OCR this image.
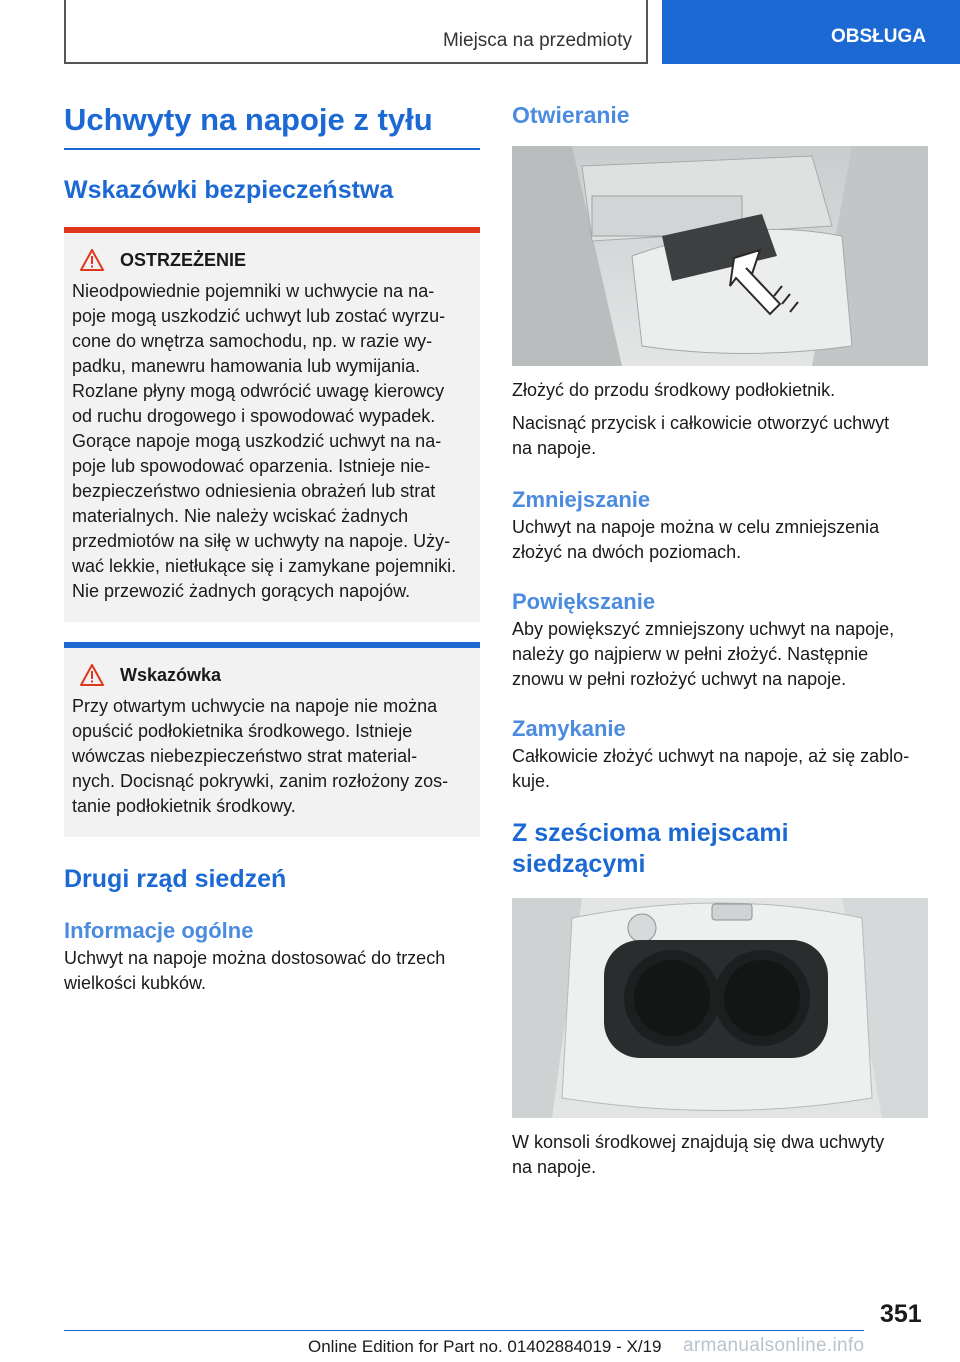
Miejsca na przedmioty	OBSŁUGA
Uchwyty na napoje z tyłu
Wskazówki bezpieczeństwa
OSTRZEŻENIE

Nieodpowiednie pojemniki w uchwycie na na-

poje mogą uszkodzić uchwyt lub zostać wyrzu-

cone do wnętrza samochodu, np. w razie wy-

padku, manewru hamowania lub wymijania.

Rozlane płyny mogą odwrócić uwagę kierowcy

od ruchu drogowego i spowodować wypadek.

Gorące napoje mogą uszkodzić uchwyt na na-

poje lub spowodować oparzenia. Istnieje nie-

bezpieczeństwo odniesienia obrażeń lub strat

materialnych. Nie należy wciskać żadnych

przedmiotów na siłę w uchwyty na napoje. Uży-

wać lekkie, nietłukące się i zamykane pojemniki.

Nie przewozić żadnych gorących napojów.

Wskazówka

Przy otwartym uchwycie na napoje nie można

opuścić podłokietnika środkowego. Istnieje

wówczas niebezpieczeństwo strat material-

nych. Docisnąć pokrywki, zanim rozłożony zos-

tanie podłokietnik środkowy.

Drugi rząd siedzeń
Informacje ogólne

Uchwyt na napoje można dostosować do trzech

wielkości kubków.

Otwieranie

Złożyć do przodu środkowy podłokietnik.

Nacisnąć przycisk i całkowicie otworzyć uchwyt

na napoje.

Zmniejszanie

Uchwyt na napoje można w celu zmniejszenia

złożyć na dwóch poziomach.

Powiększanie

Aby powiększyć zmniejszony uchwyt na napoje,

należy go najpierw w pełni złożyć. Następnie

znowu w pełni rozłożyć uchwyt na napoje.

Zamykanie

Całkowicie złożyć uchwyt na napoje, aż się zablo-

kuje.

Z sześcioma miejscami
siedzącymi

W konsoli środkowej znajdują się dwa uchwyty

na napoje.

351
Online Edition for Part no. 01402884019 - X/19 armanualsonline.info
